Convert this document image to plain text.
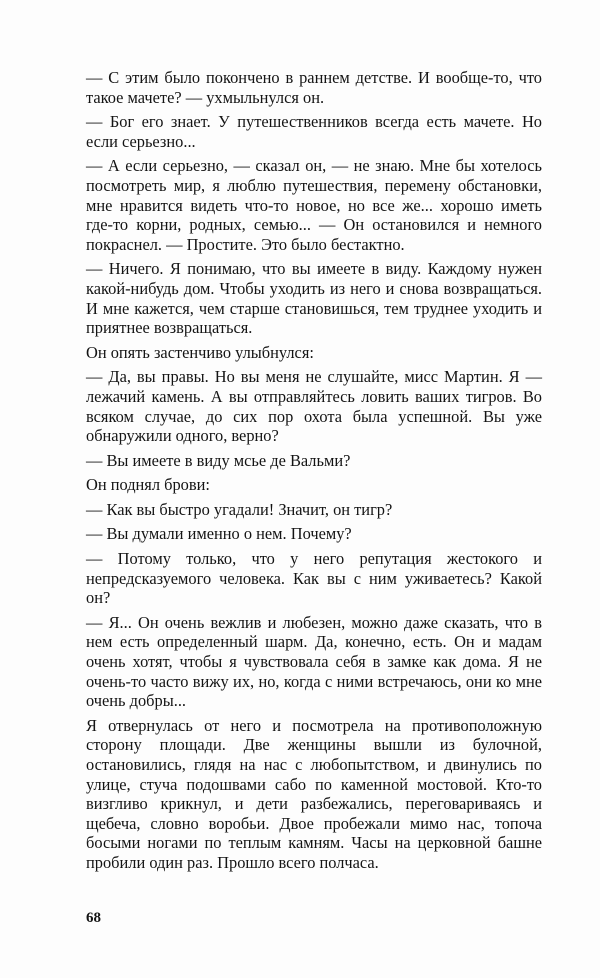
— С этим было покончено в раннем детстве. И вообще-то, что такое мачете? — ухмыльнулся он.

— Бог его знает. У путешественников всегда есть мачете. Но если серьезно...

— А если серьезно, — сказал он, — не знаю. Мне бы хотелось посмотреть мир, я люблю путешествия, перемену обстановки, мне нравится видеть что-то новое, но все же... хорошо иметь где-то корни, родных, семью... — Он остановился и немного покраснел. — Простите. Это было бестактно.

— Ничего. Я понимаю, что вы имеете в виду. Каждому нужен какой-нибудь дом. Чтобы уходить из него и снова возвращаться. И мне кажется, чем старше становишься, тем труднее уходить и приятнее возвращаться.

Он опять застенчиво улыбнулся:

— Да, вы правы. Но вы меня не слушайте, мисс Мартин. Я — лежачий камень. А вы отправляйтесь ловить ваших тигров. Во всяком случае, до сих пор охота была успешной. Вы уже обнаружили одного, верно?

— Вы имеете в виду мсье де Вальми?

Он поднял брови:

— Как вы быстро угадали! Значит, он тигр?

— Вы думали именно о нем. Почему?

— Потому только, что у него репутация жестокого и непредсказуемого человека. Как вы с ним уживаетесь? Какой он?

— Я... Он очень вежлив и любезен, можно даже сказать, что в нем есть определенный шарм. Да, конечно, есть. Он и мадам очень хотят, чтобы я чувствовала себя в замке как дома. Я не очень-то часто вижу их, но, когда с ними встречаюсь, они ко мне очень добры...

Я отвернулась от него и посмотрела на противоположную сторону площади. Две женщины вышли из булочной, остановились, глядя на нас с любопытством, и двинулись по улице, стуча подошвами сабо по каменной мостовой. Кто-то визгливо крикнул, и дети разбежались, переговариваясь и щебеча, словно воробьи. Двое пробежали мимо нас, топоча босыми ногами по теплым камням. Часы на церковной башне пробили один раз. Прошло всего полчаса.

68
